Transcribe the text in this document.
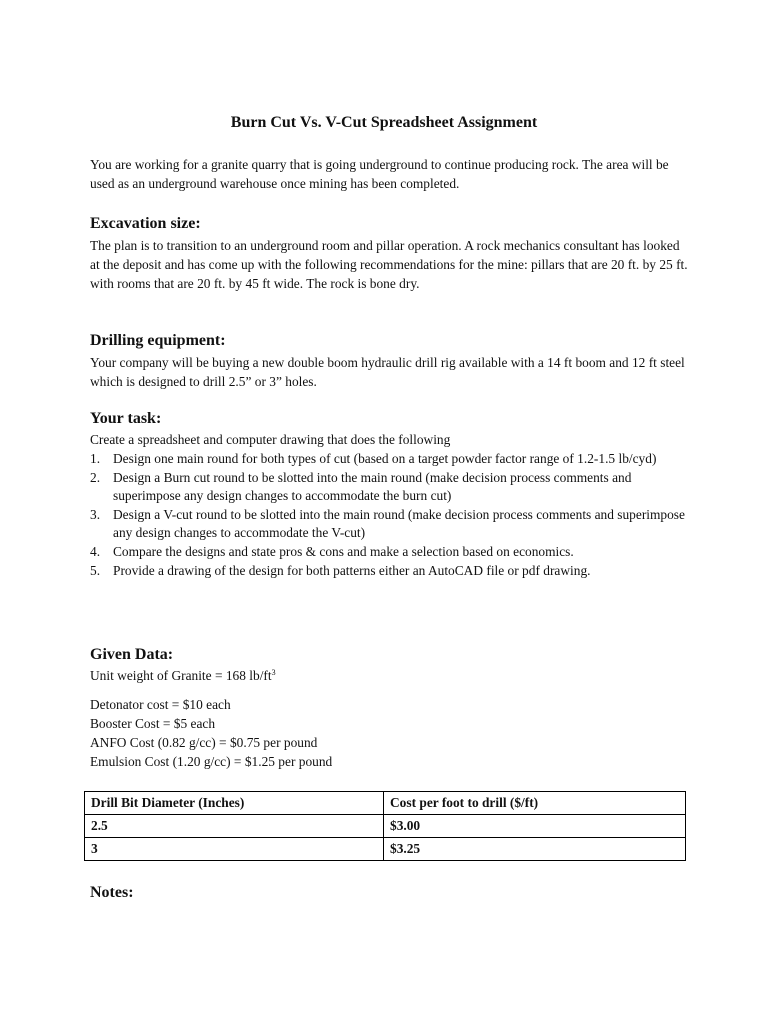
Burn Cut Vs. V-Cut Spreadsheet Assignment

You are working for a granite quarry that is going underground to continue producing rock. The area will be used as an underground warehouse once mining has been completed.

Excavation size:

The plan is to transition to an underground room and pillar operation. A rock mechanics consultant has looked at the deposit and has come up with the following recommendations for the mine: pillars that are 20 ft. by 25 ft. with rooms that are 20 ft. by 45 ft wide. The rock is bone dry.

Drilling equipment:

Your company will be buying a new double boom hydraulic drill rig available with a 14 ft boom and 12 ft steel which is designed to drill 2.5” or 3” holes.

Your task:

Create a spreadsheet and computer drawing that does the following

1. Design one main round for both types of cut (based on a target powder factor range of 1.2-1.5 lb/cyd)
2. Design a Burn cut round to be slotted into the main round (make decision process comments and superimpose any design changes to accommodate the burn cut)
3. Design a V-cut round to be slotted into the main round (make decision process comments and superimpose any design changes to accommodate the V-cut)
4. Compare the designs and state pros & cons and make a selection based on economics.
5. Provide a drawing of the design for both patterns either an AutoCAD file or pdf drawing.
Given Data:

Unit weight of Granite = 168 $lb/ft^3$

Detonator cost = $10 each

Booster Cost = $5 each

ANFO Cost (0.82 g/cc) = $0.75 per pound

Emulsion Cost (1.20 g/cc) = $1.25 per pound

Drill Bit Diameter (Inches)	Cost per foot to drill ($/ft)
2.5	$3.00
3	$3.25
Notes:
